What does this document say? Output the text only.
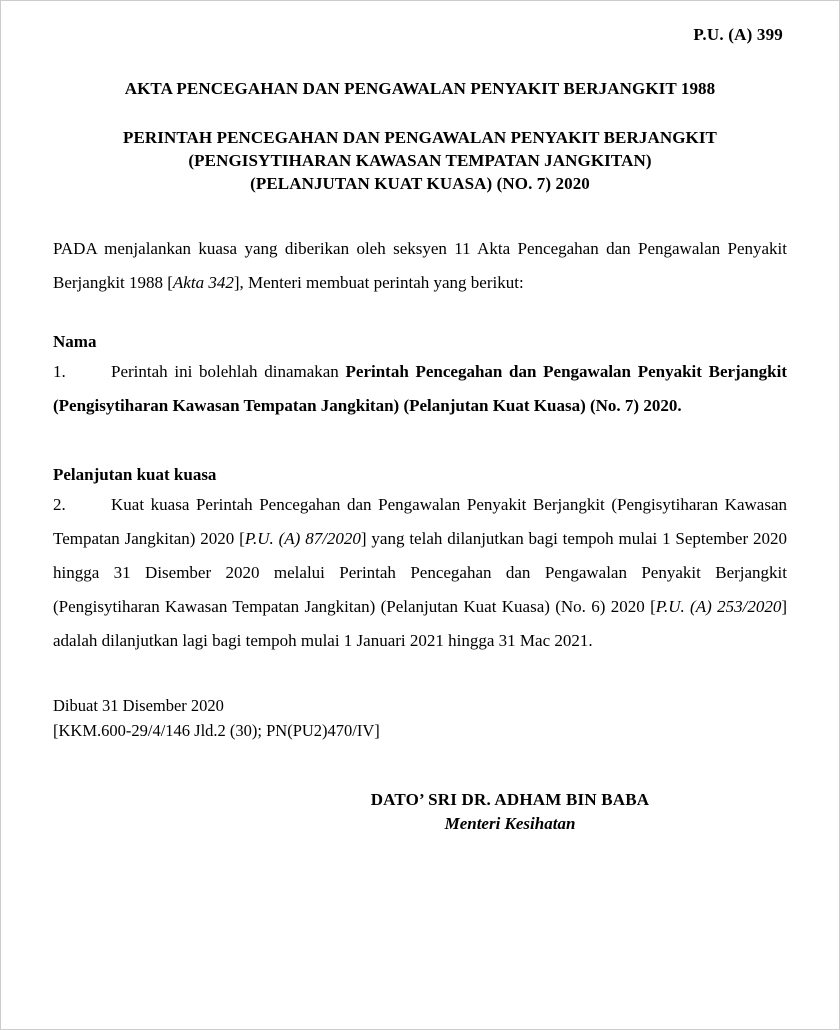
P.U. (A) 399
AKTA PENCEGAHAN DAN PENGAWALAN PENYAKIT BERJANGKIT 1988
PERINTAH PENCEGAHAN DAN PENGAWALAN PENYAKIT BERJANGKIT
(PENGISYTIHARAN KAWASAN TEMPATAN JANGKITAN)
(PELANJUTAN KUAT KUASA) (NO. 7) 2020

PADA menjalankan kuasa yang diberikan oleh seksyen 11 Akta Pencegahan dan Pengawalan Penyakit Berjangkit 1988 [Akta 342], Menteri membuat perintah yang berikut:

Nama

1.	Perintah ini bolehlah dinamakan Perintah Pencegahan dan Pengawalan Penyakit Berjangkit (Pengisytiharan Kawasan Tempatan Jangkitan) (Pelanjutan Kuat Kuasa) (No. 7) 2020.

Pelanjutan kuat kuasa

2.	Kuat kuasa Perintah Pencegahan dan Pengawalan Penyakit Berjangkit (Pengisytiharan Kawasan Tempatan Jangkitan) 2020 [P.U. (A) 87/2020] yang telah dilanjutkan bagi tempoh mulai 1 September 2020 hingga 31 Disember 2020 melalui Perintah Pencegahan dan Pengawalan Penyakit Berjangkit (Pengisytiharan Kawasan Tempatan Jangkitan) (Pelanjutan Kuat Kuasa) (No. 6) 2020 [P.U. (A) 253/2020] adalah dilanjutkan lagi bagi tempoh mulai 1 Januari 2021 hingga 31 Mac 2021.

Dibuat 31 Disember 2020
[KKM.600-29/4/146 Jld.2 (30); PN(PU2)470/IV]
DATO’ SRI DR. ADHAM BIN BABA
Menteri Kesihatan
